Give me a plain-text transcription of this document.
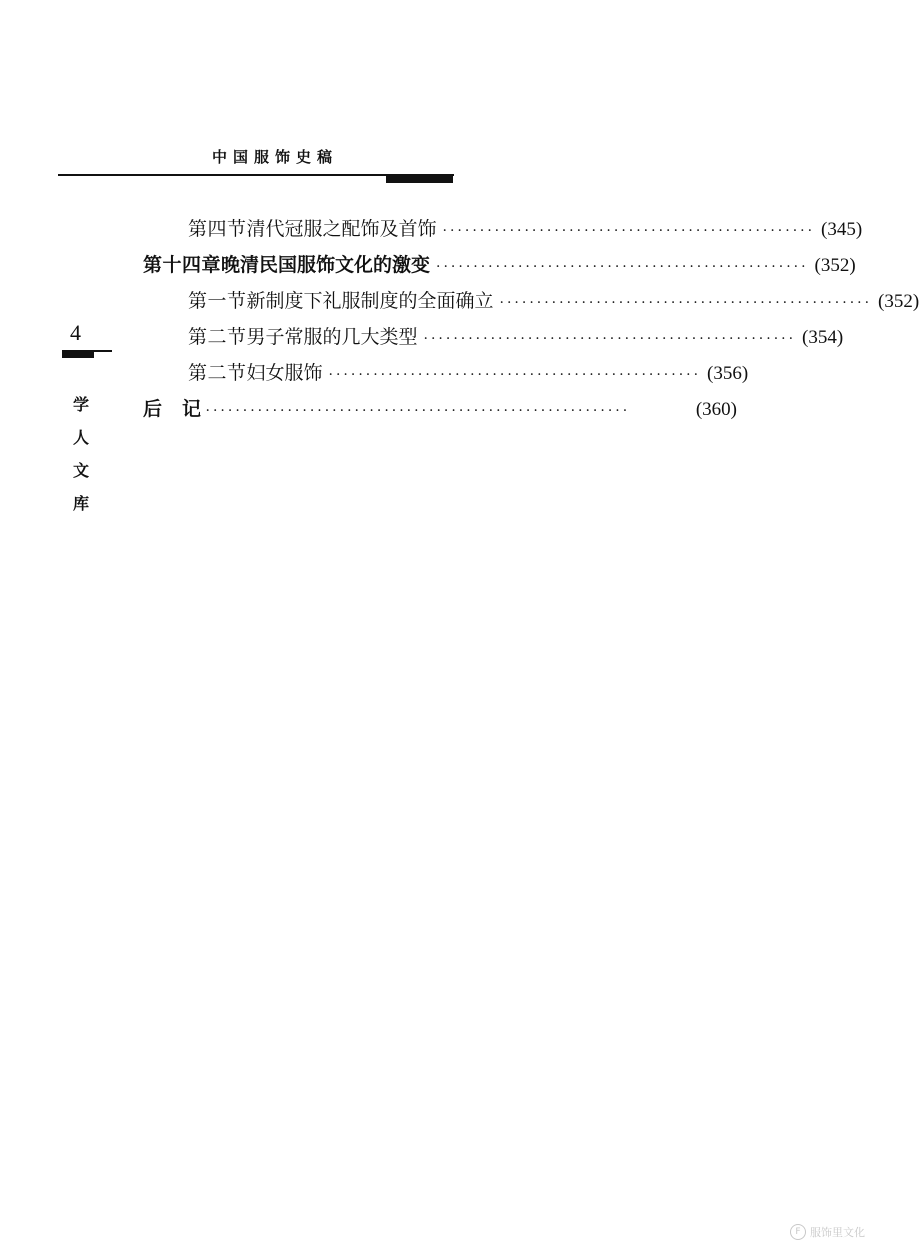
中国服饰史稿
4
学
人
文
库
第四节 清代冠服之配饰及首饰 ·················································· (345)
第十四章 晚清民国服饰文化的激变 ·················································· (352)
第一节 新制度下礼服制度的全面确立 ·················································· (352)
第二节 男子常服的几大类型 ·················································· (354)
第二节 妇女服饰 ·················································· (356)
后　记 ·························································	(360)
F 服饰里文化
